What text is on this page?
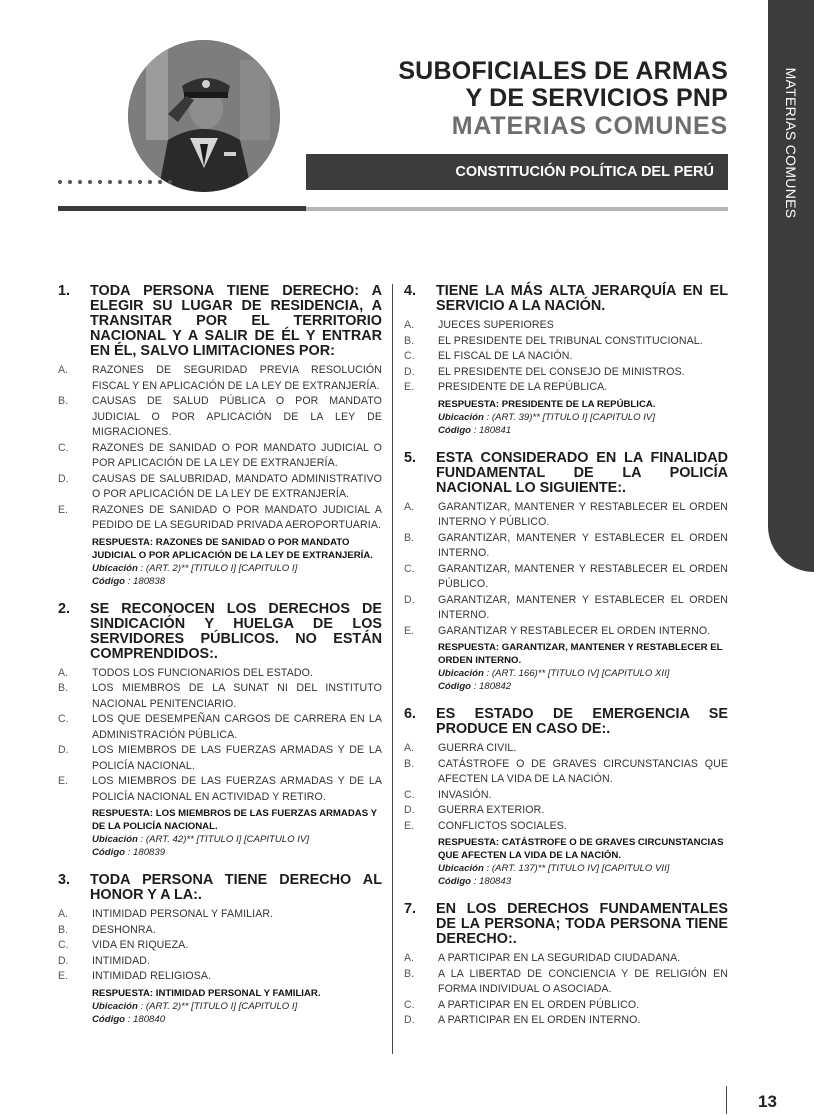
SUBOFICIALES DE ARMAS
Y DE SERVICIOS PNP
MATERIAS COMUNES
CONSTITUCIÓN POLÍTICA DEL PERÚ	MATERIAS COMUNES
1.	TODA PERSONA TIENE DERECHO: A ELEGIR SU LUGAR DE RESIDENCIA, A TRANSITAR POR EL TERRITORIO NACIONAL Y A SALIR DE ÉL Y ENTRAR EN ÉL, SALVO LIMITACIONES POR:
A.	RAZONES DE SEGURIDAD PREVIA RESOLUCIÓN FISCAL Y EN APLICACIÓN DE LA LEY DE EXTRANJERÍA.
B.	CAUSAS DE SALUD PÚBLICA O POR MANDATO JUDICIAL O POR APLICACIÓN DE LA LEY DE MIGRACIONES.
C.	RAZONES DE SANIDAD O POR MANDATO JUDICIAL O POR APLICACIÓN DE LA LEY DE EXTRANJERÍA.
D.	CAUSAS DE SALUBRIDAD, MANDATO ADMINISTRATIVO O POR APLICACIÓN DE LA LEY DE EXTRANJERÍA.
E.	RAZONES DE SANIDAD O POR MANDATO JUDICIAL A PEDIDO DE LA SEGURIDAD PRIVADA AEROPORTUARIA.
RESPUESTA: RAZONES DE SANIDAD O POR MANDATO JUDICIAL O POR APLICACIÓN DE LA LEY DE EXTRANJERÍA.
Ubicación : (ART. 2)** [TITULO I] [CAPITULO I]
Código : 180838
2.	SE RECONOCEN LOS DERECHOS DE SINDICACIÓN Y HUELGA DE LOS SERVIDORES PÚBLICOS. NO ESTÁN COMPRENDIDOS:.
A.	TODOS LOS FUNCIONARIOS DEL ESTADO.
B.	LOS MIEMBROS DE LA SUNAT NI DEL INSTITUTO NACIONAL PENITENCIARIO.
C.	LOS QUE DESEMPEÑAN CARGOS DE CARRERA EN LA ADMINISTRACIÓN PÚBLICA.
D.	LOS MIEMBROS DE LAS FUERZAS ARMADAS Y DE LA POLICÍA NACIONAL.
E.	LOS MIEMBROS DE LAS FUERZAS ARMADAS Y DE LA POLICÍA NACIONAL EN ACTIVIDAD Y RETIRO.
RESPUESTA: LOS MIEMBROS DE LAS FUERZAS ARMADAS Y DE LA POLICÍA NACIONAL.
Ubicación : (ART. 42)** [TITULO I] [CAPITULO IV]
Código : 180839
3.	TODA PERSONA TIENE DERECHO AL HONOR Y A LA:.
A.	INTIMIDAD PERSONAL Y FAMILIAR.
B.	DESHONRA.
C.	VIDA EN RIQUEZA.
D.	INTIMIDAD.
E.	INTIMIDAD RELIGIOSA.
RESPUESTA: INTIMIDAD PERSONAL Y FAMILIAR.
Ubicación : (ART. 2)** [TITULO I] [CAPITULO I]
Código : 180840
4.	TIENE LA MÁS ALTA JERARQUÍA EN EL SERVICIO A LA NACIÓN.
A.	JUECES SUPERIORES
B.	EL PRESIDENTE DEL TRIBUNAL CONSTITUCIONAL.
C.	EL FISCAL DE LA NACIÓN.
D.	EL PRESIDENTE DEL CONSEJO DE MINISTROS.
E.	PRESIDENTE DE LA REPÚBLICA.
RESPUESTA: PRESIDENTE DE LA REPÚBLICA.
Ubicación : (ART. 39)** [TITULO I] [CAPITULO IV]
Código : 180841
5.	ESTA CONSIDERADO EN LA FINALIDAD FUNDAMENTAL DE LA POLICÍA NACIONAL LO SIGUIENTE:.
A.	GARANTIZAR, MANTENER Y RESTABLECER EL ORDEN INTERNO Y PÚBLICO.
B.	GARANTIZAR, MANTENER Y ESTABLECER EL ORDEN INTERNO.
C.	GARANTIZAR, MANTENER Y RESTABLECER EL ORDEN PÚBLICO.
D.	GARANTIZAR, MANTENER Y ESTABLECER EL ORDEN INTERNO.
E.	GARANTIZAR Y RESTABLECER EL ORDEN INTERNO.
RESPUESTA: GARANTIZAR, MANTENER Y RESTABLECER EL ORDEN INTERNO.
Ubicación : (ART. 166)** [TITULO IV] [CAPITULO XII]
Código : 180842
6.	ES ESTADO DE EMERGENCIA SE PRODUCE EN CASO DE:.
A.	GUERRA CIVIL.
B.	CATÁSTROFE O DE GRAVES CIRCUNSTANCIAS QUE AFECTEN LA VIDA DE LA NACIÓN.
C.	INVASIÓN.
D.	GUERRA EXTERIOR.
E.	CONFLICTOS SOCIALES.
RESPUESTA: CATÁSTROFE O DE GRAVES CIRCUNSTANCIAS QUE AFECTEN LA VIDA DE LA NACIÓN.
Ubicación : (ART. 137)** [TITULO IV] [CAPITULO VII]
Código : 180843
7.	EN LOS DERECHOS FUNDAMENTALES DE LA PERSONA; TODA PERSONA TIENE DERECHO:.
A.	A PARTICIPAR EN LA SEGURIDAD CIUDADANA.
B.	A LA LIBERTAD DE CONCIENCIA Y DE RELIGIÓN EN FORMA INDIVIDUAL O ASOCIADA.
C.	A PARTICIPAR EN EL ORDEN PÚBLICO.
D.	A PARTICIPAR EN EL ORDEN INTERNO.
13
